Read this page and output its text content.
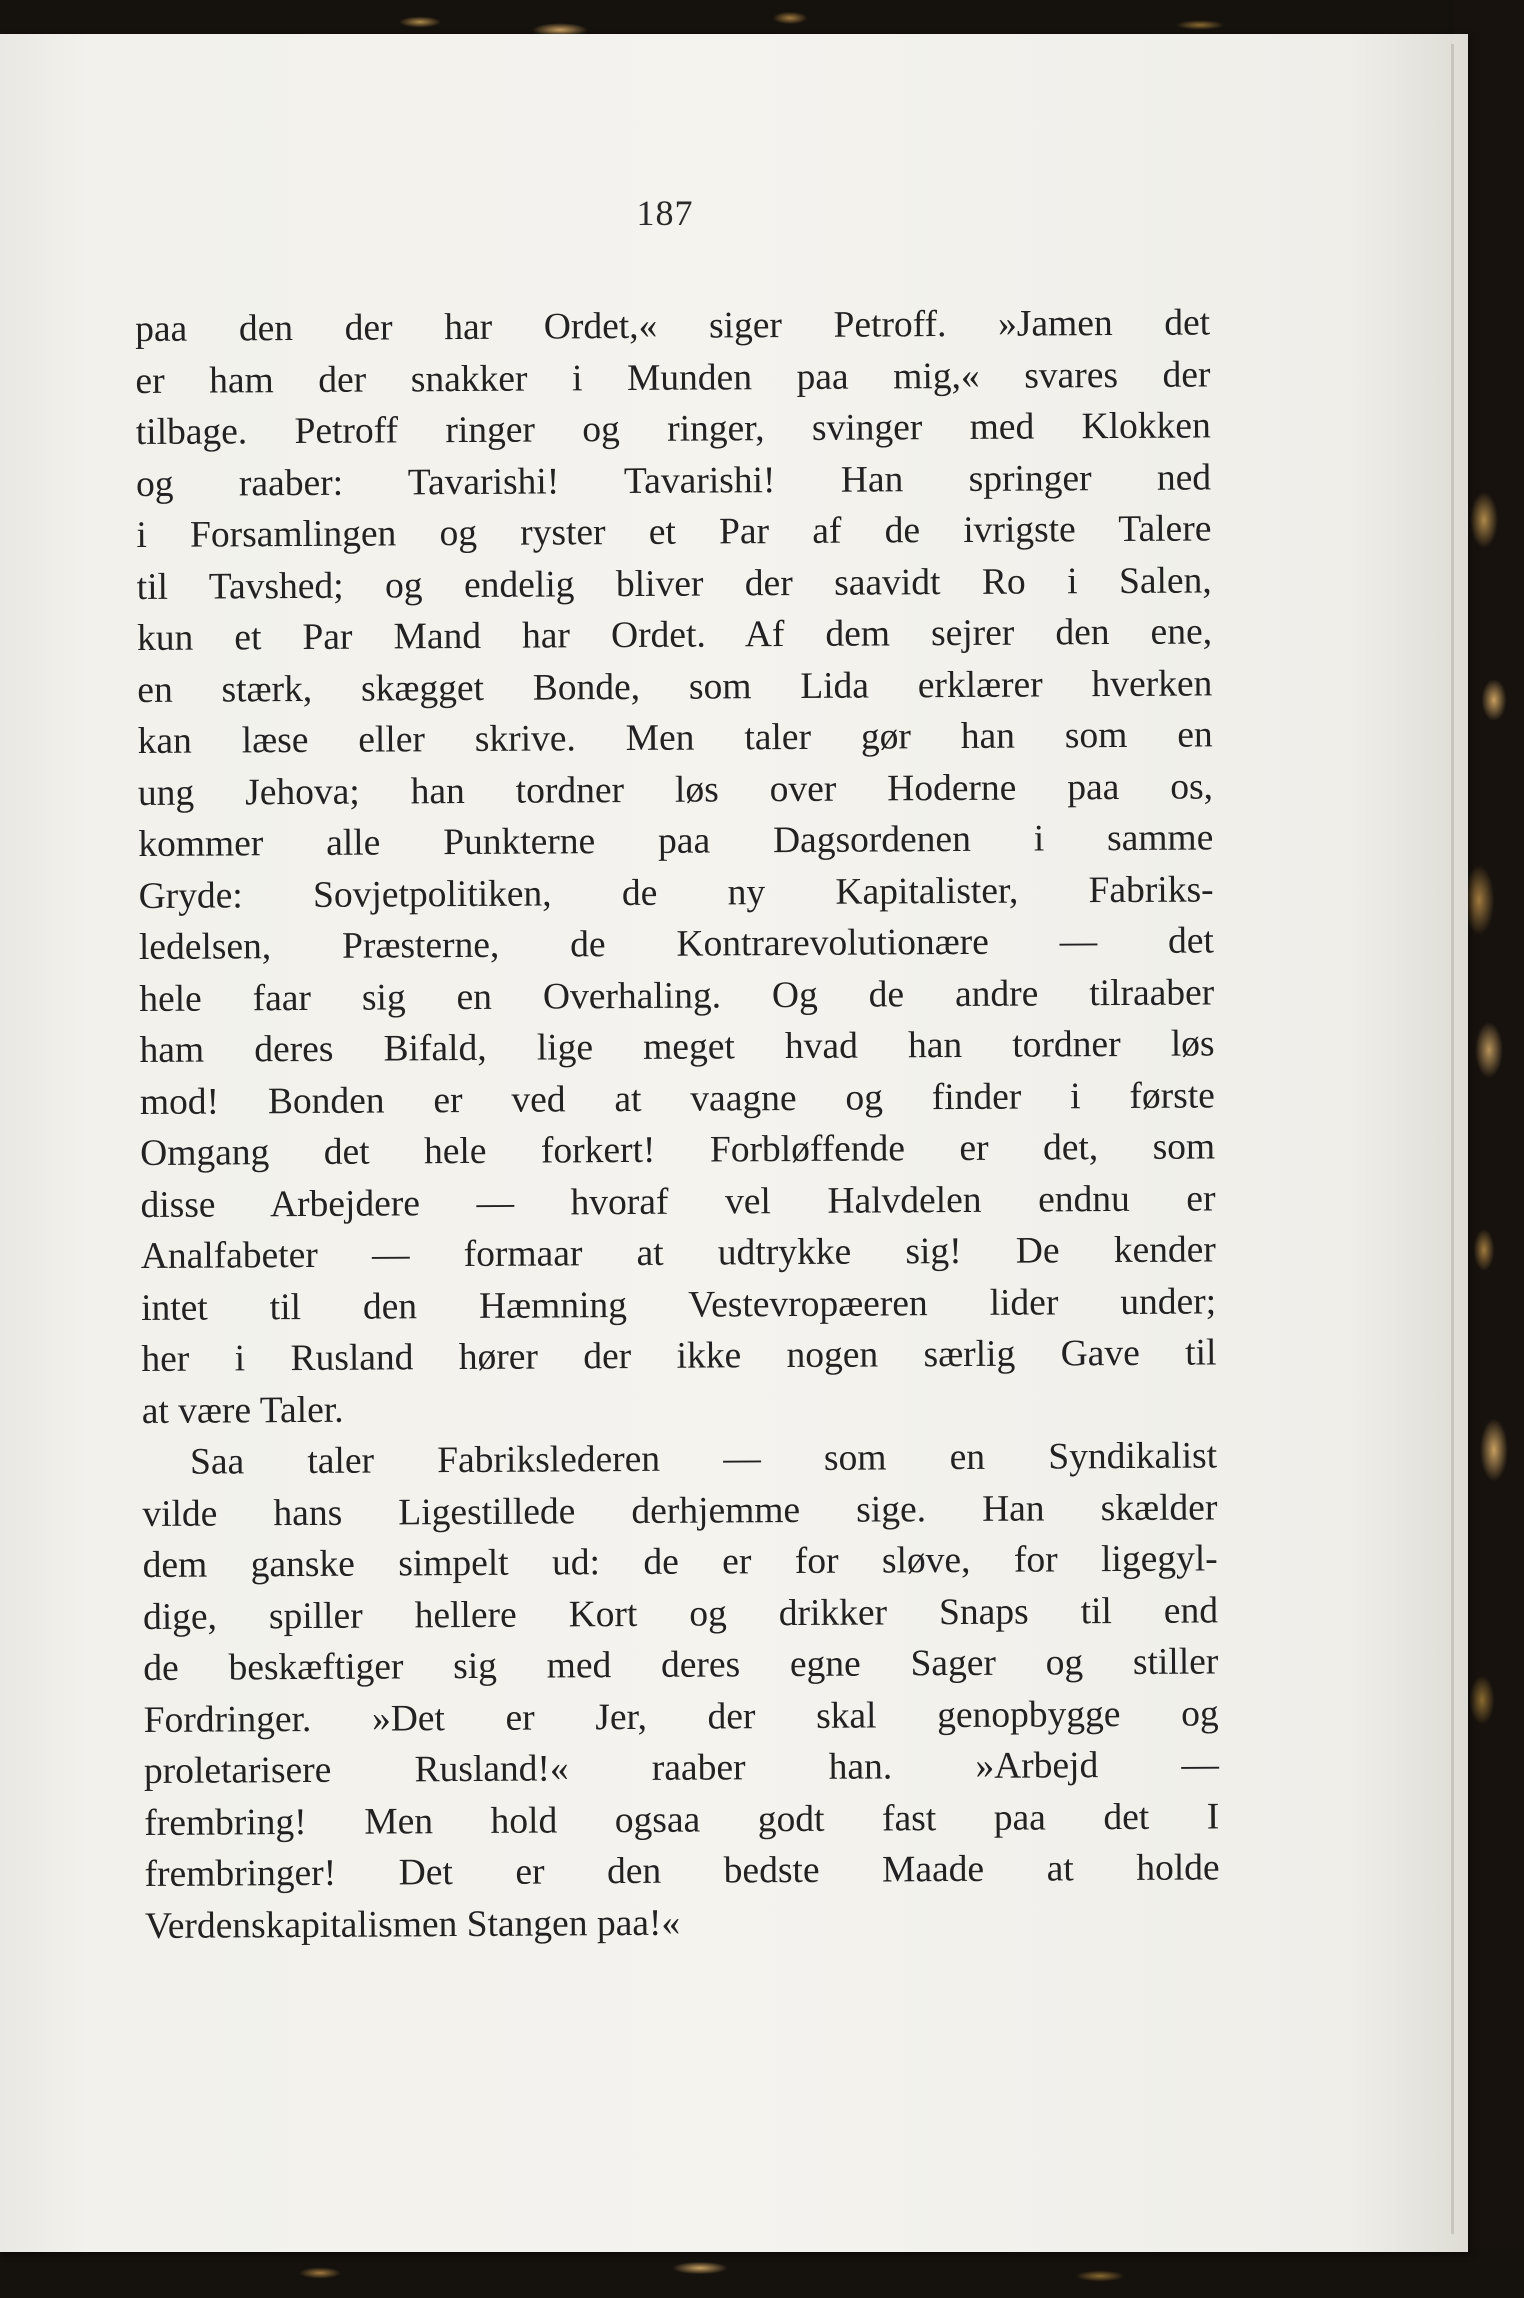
187
paa den der har Ordet,« siger Petroff. »Jamen det
er ham der snakker i Munden paa mig,« svares der
tilbage. Petroff ringer og ringer, svinger med Klokken
og raaber: Tavarishi! Tavarishi! Han springer ned
i Forsamlingen og ryster et Par af de ivrigste Talere
til Tavshed; og endelig bliver der saavidt Ro i Salen,
kun et Par Mand har Ordet. Af dem sejrer den ene,
en stærk, skægget Bonde, som Lida erklærer hverken
kan læse eller skrive. Men taler gør han som en
ung Jehova; han tordner løs over Hoderne paa os,
kommer alle Punkterne paa Dagsordenen i samme
Gryde: Sovjetpolitiken, de ny Kapitalister, Fabriks-
ledelsen, Præsterne, de Kontrarevolutionære — det
hele faar sig en Overhaling. Og de andre tilraaber
ham deres Bifald, lige meget hvad han tordner løs
mod! Bonden er ved at vaagne og finder i første
Omgang det hele forkert! Forbløffende er det, som
disse Arbejdere — hvoraf vel Halvdelen endnu er
Analfabeter — formaar at udtrykke sig! De kender
intet til den Hæmning Vestevropæeren lider under;
her i Rusland hører der ikke nogen særlig Gave til
at være Taler.
Saa taler Fabrikslederen — som en Syndikalist
vilde hans Ligestillede derhjemme sige. Han skælder
dem ganske simpelt ud: de er for sløve, for ligegyl-
dige, spiller hellere Kort og drikker Snaps til end
de beskæftiger sig med deres egne Sager og stiller
Fordringer. »Det er Jer, der skal genopbygge og
proletarisere Rusland!« raaber han. »Arbejd —
frembring! Men hold ogsaa godt fast paa det I
frembringer! Det er den bedste Maade at holde
Verdenskapitalismen Stangen paa!«
